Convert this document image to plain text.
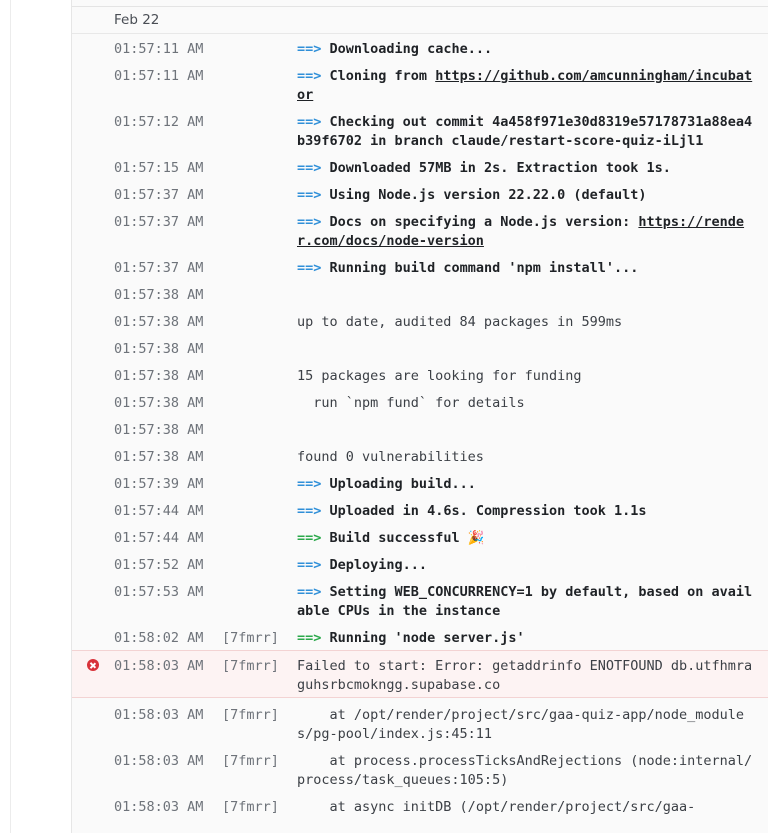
Feb 22
01:57:11 AM	==> Downloading cache...
01:57:11 AM	==> Cloning from https://github.com/amcunningham/incubator
01:57:12 AM	==> Checking out commit 4a458f971e30d8319e57178731a88ea4b39f6702 in branch claude/restart-score-quiz-iLjl1
01:57:15 AM	==> Downloaded 57MB in 2s. Extraction took 1s.
01:57:37 AM	==> Using Node.js version 22.22.0 (default)
01:57:37 AM	==> Docs on specifying a Node.js version: https://render.com/docs/node-version
01:57:37 AM	==> Running build command 'npm install'...
01:57:38 AM
01:57:38 AM	up to date, audited 84 packages in 599ms
01:57:38 AM
01:57:38 AM	15 packages are looking for funding
01:57:38 AM	run `npm fund` for details
01:57:38 AM
01:57:38 AM	found 0 vulnerabilities
01:57:39 AM	==> Uploading build...
01:57:44 AM	==> Uploaded in 4.6s. Compression took 1.1s
01:57:44 AM	==> Build successful 🎉
01:57:52 AM	==> Deploying...
01:57:53 AM	==> Setting WEB_CONCURRENCY=1 by default, based on available CPUs in the instance
01:58:02 AM [7fmrr] ==> Running 'node server.js'
01:58:03 AM [7fmrr] Failed to start: Error: getaddrinfo ENOTFOUND db.utfhmraguhsrbcmokngg.supabase.co
01:58:03 AM [7fmrr] at /opt/render/project/src/gaa-quiz-app/node_modules/pg-pool/index.js:45:11
01:58:03 AM [7fmrr] at process.processTicksAndRejections (node:internal/process/task_queues:105:5)
01:58:03 AM [7fmrr] at async initDB (/opt/render/project/src/gaa-
